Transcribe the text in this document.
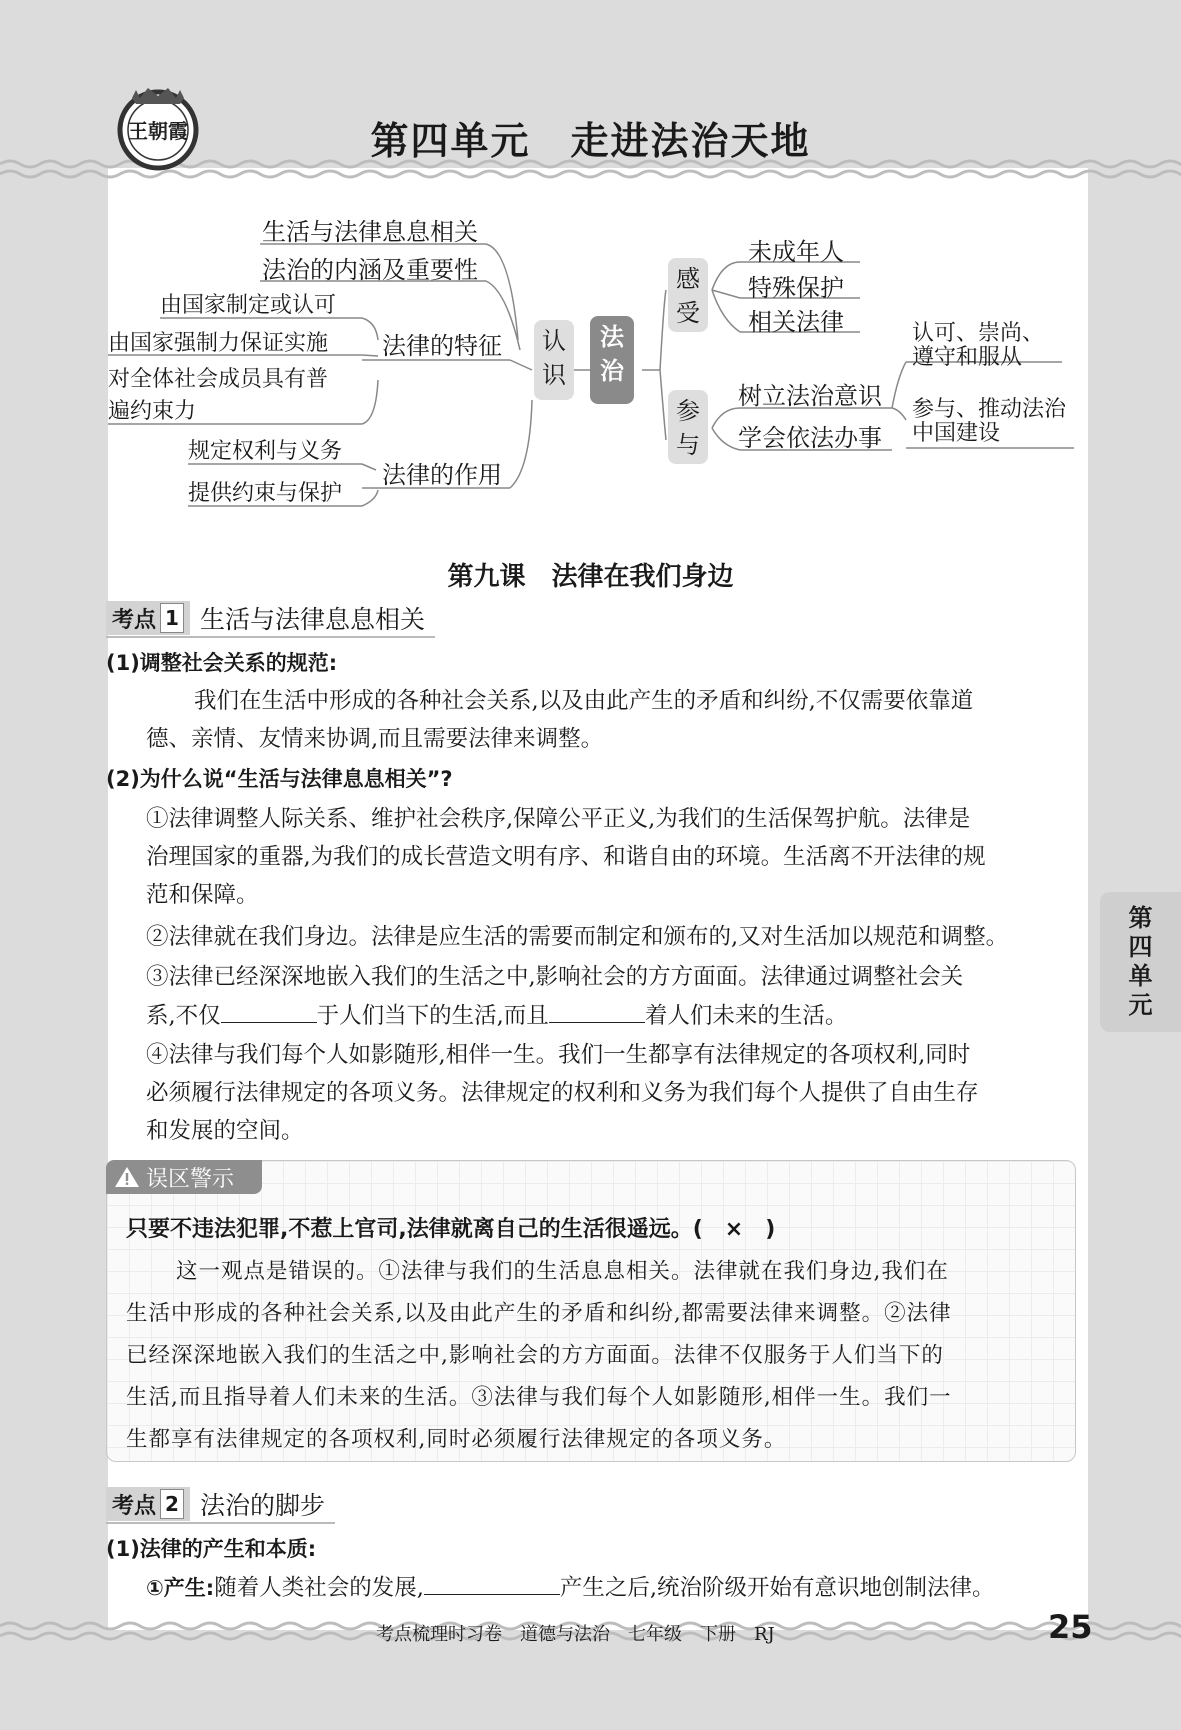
王朝霞	第四单元　走进法治天地
生活与法律息息相关
法治的内涵及重要性
由国家制定或认可
由国家强制力保证实施
对全体社会成员具有普
遍约束力
法律的特征
规定权利与义务
提供约束与保护
法律的作用
认识
法治
感受
参与
未成年人
特殊保护
相关法律
树立法治意识
学会依法办事
认可、崇尚、
遵守和服从
参与、推动法治
中国建设
第九课　法律在我们身边
考点 1 生活与法律息息相关
(1)调整社会关系的规范:
我们在生活中形成的各种社会关系,以及由此产生的矛盾和纠纷,不仅需要依靠道
德、亲情、友情来协调,而且需要法律来调整。
(2)为什么说“生活与法律息息相关”?
①法律调整人际关系、维护社会秩序,保障公平正义,为我们的生活保驾护航。法律是
治理国家的重器,为我们的成长营造文明有序、和谐自由的环境。生活离不开法律的规
范和保障。
②法律就在我们身边。法律是应生活的需要而制定和颁布的,又对生活加以规范和调整。
③法律已经深深地嵌入我们的生活之中,影响社会的方方面面。法律通过调整社会关
系,不仅	于人们当下的生活,而且	着人们未来的生活。
④法律与我们每个人如影随形,相伴一生。我们一生都享有法律规定的各项权利,同时
必须履行法律规定的各项义务。法律规定的权利和义务为我们每个人提供了自由生存
和发展的空间。
误区警示
只要不违法犯罪,不惹上官司,法律就离自己的生活很遥远。(　×　)
这一观点是错误的。①法律与我们的生活息息相关。法律就在我们身边,我们在
生活中形成的各种社会关系,以及由此产生的矛盾和纠纷,都需要法律来调整。②法律
已经深深地嵌入我们的生活之中,影响社会的方方面面。法律不仅服务于人们当下的
生活,而且指导着人们未来的生活。③法律与我们每个人如影随形,相伴一生。我们一
生都享有法律规定的各项权利,同时必须履行法律规定的各项义务。
考点 2 法治的脚步
(1)法律的产生和本质:
①产生:随着人类社会的发展,	产生之后,统治阶级开始有意识地创制法律。
第四单元
考点梳理时习卷　道德与法治　七年级　下册　RJ	25
